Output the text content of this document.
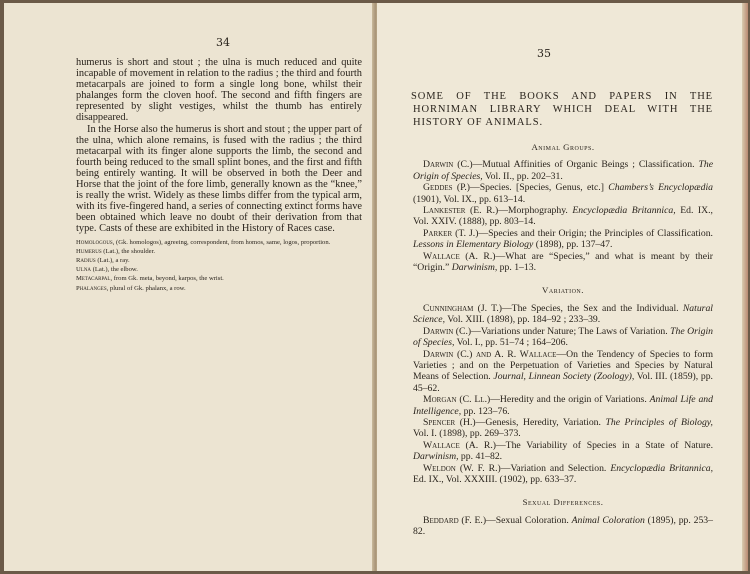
34

humerus is short and stout ; the ulna is much reduced and quite incapable of movement in relation to the radius ; the third and fourth metacarpals are joined to form a single long bone, whilst their phalanges form the cloven hoof. The second and fifth fingers are represented by slight vestiges, whilst the thumb has entirely disappeared.

In the Horse also the humerus is short and stout ; the upper part of the ulna, which alone remains, is fused with the radius ; the third metacarpal with its finger alone supports the limb, the second and fourth being reduced to the small splint bones, and the first and fifth being entirely wanting. It will be observed in both the Deer and Horse that the joint of the fore limb, generally known as the “knee,” is really the wrist. Widely as these limbs differ from the typical arm, with its five-fingered hand, a series of connecting extinct forms have been obtained which leave no doubt of their derivation from that type. Casts of these are exhibited in the History of Races case.

Homologous, (Gk. homologos), agreeing, correspondent, from homos, same, logos, proportion.
Humerus (Lat.), the shoulder.
Radius (Lat.), a ray.
Ulna (Lat.), the elbow.
Metacarpal, from Gk. meta, beyond, karpos, the wrist.
Phalanges, plural of Gk. phalanx, a row.
35
SOME OF THE BOOKS AND PAPERS IN THE HORNIMAN LIBRARY WHICH DEAL WITH THE HISTORY OF ANIMALS.
Animal Groups.
Darwin (C.)—Mutual Affinities of Organic Beings ; Classification. The Origin of Species, Vol. II., pp. 202–31.
Geddes (P.)—Species. [Species, Genus, etc.] Chambers’s Encyclopædia (1901), Vol. IX., pp. 613–14.
Lankester (E. R.)—Morphography. Encyclopædia Britannica, Ed. IX., Vol. XXIV. (1888), pp. 803–14.
Parker (T. J.)—Species and their Origin; the Principles of Classification. Lessons in Elementary Biology (1898), pp. 137–47.
Wallace (A. R.)—What are “Species,” and what is meant by their “Origin.” Darwinism, pp. 1–13.
Variation.
Cunningham (J. T.)—The Species, the Sex and the Individual. Natural Science, Vol. XIII. (1898), pp. 184–92 ; 233–39.
Darwin (C.)—Variations under Nature; The Laws of Variation. The Origin of Species, Vol. I., pp. 51–74 ; 164–206.
Darwin (C.) and A. R. Wallace—On the Tendency of Species to form Varieties ; and on the Perpetuation of Varieties and Species by Natural Means of Selection. Journal, Linnean Society (Zoology), Vol. III. (1859), pp. 45–62.
Morgan (C. Ll.)—Heredity and the origin of Variations. Animal Life and Intelligence, pp. 123–76.
Spencer (H.)—Genesis, Heredity, Variation. The Principles of Biology, Vol. I. (1898), pp. 269–373.
Wallace (A. R.)—The Variability of Species in a State of Nature. Darwinism, pp. 41–82.
Weldon (W. F. R.)—Variation and Selection. Encyclopædia Britannica, Ed. IX., Vol. XXXIII. (1902), pp. 633–37.
Sexual Differences.
Beddard (F. E.)—Sexual Coloration. Animal Coloration (1895), pp. 253–82.
